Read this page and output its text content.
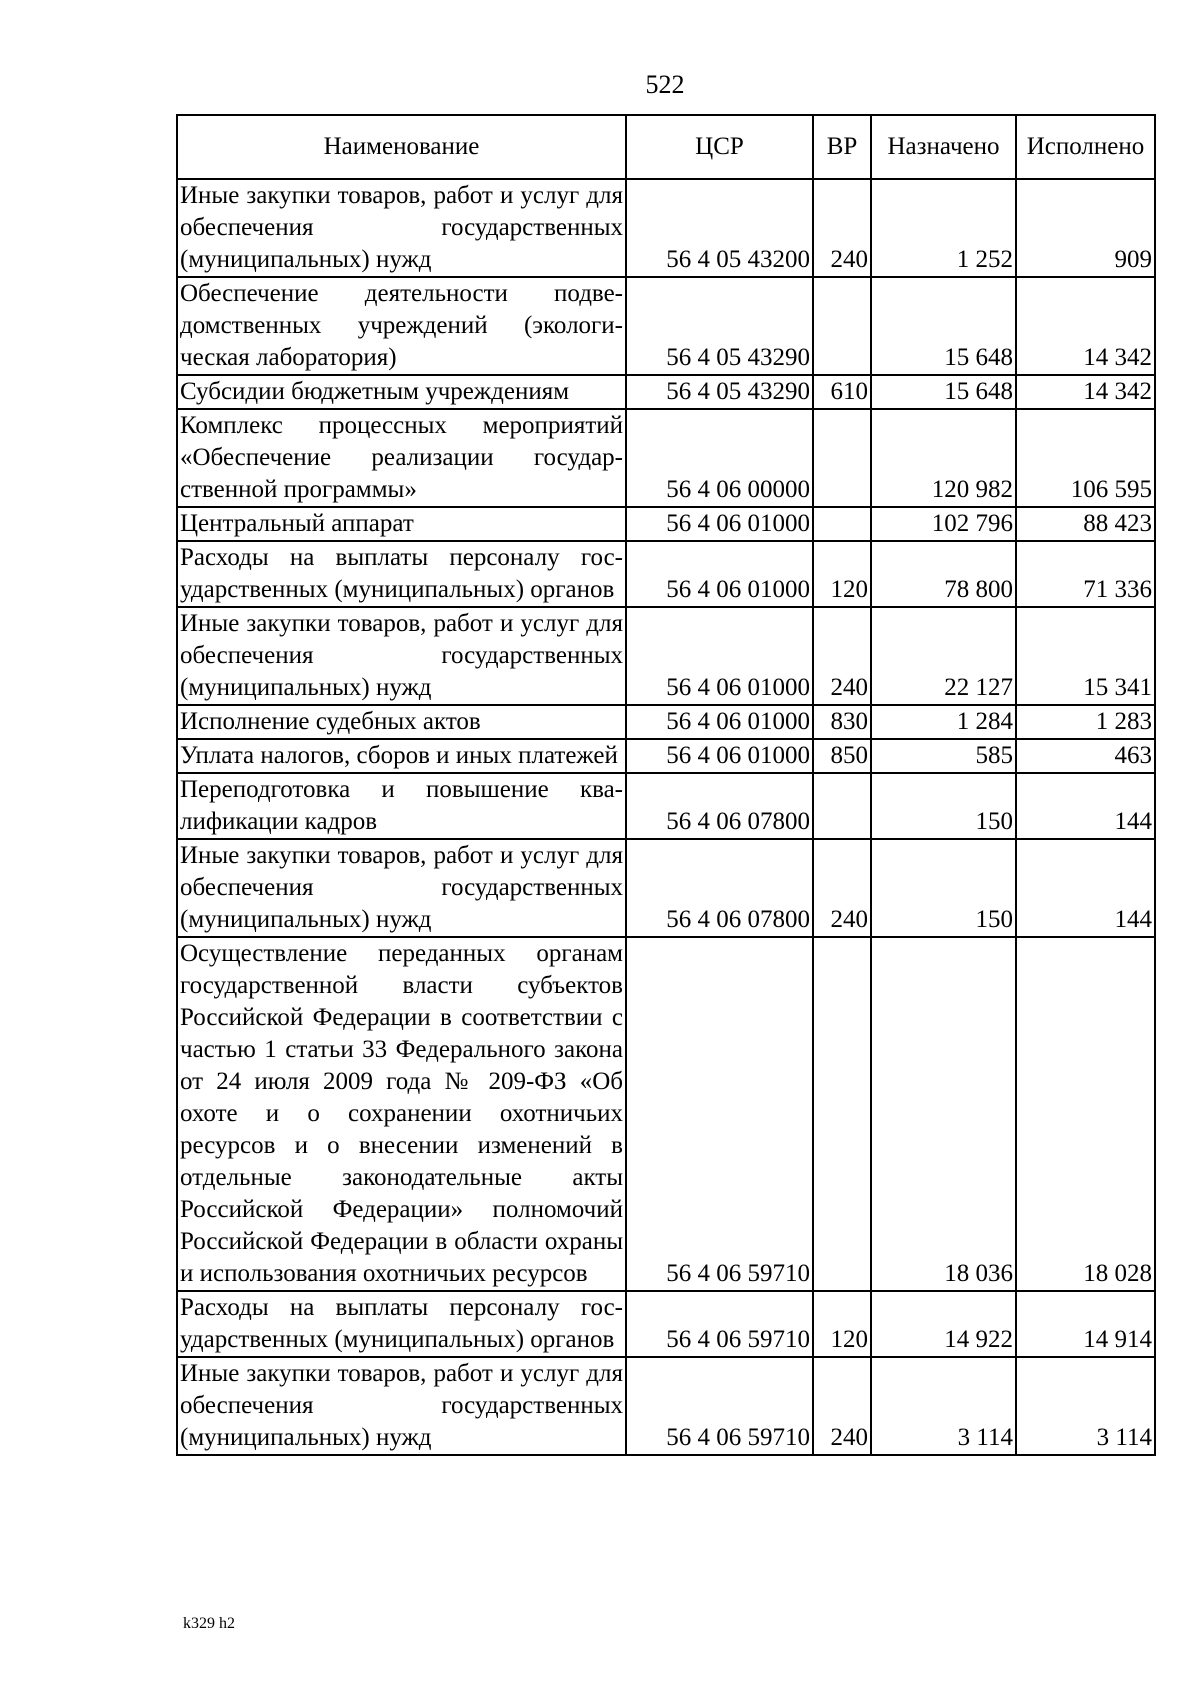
522
Наименование	ЦСР	ВР	Назначено	Исполнено
Иные закупки товаров, работ и услуг для обеспечения государственных (муниципальных) нужд	56 4 05 43200	240	1 252	909
Обеспечение деятельности подведомственных учреждений (экологическая лаборатория)	56 4 05 43290		15 648	14 342
Субсидии бюджетным учреждениям	56 4 05 43290	610	15 648	14 342
Комплекс процессных мероприятий «Обеспечение реализации государственной программы»	56 4 06 00000		120 982	106 595
Центральный аппарат	56 4 06 01000		102 796	88 423
Расходы на выплаты персоналу государственных (муниципальных) органов	56 4 06 01000	120	78 800	71 336
Иные закупки товаров, работ и услуг для обеспечения государственных (муниципальных) нужд	56 4 06 01000	240	22 127	15 341
Исполнение судебных актов	56 4 06 01000	830	1 284	1 283
Уплата налогов, сборов и иных платежей	56 4 06 01000	850	585	463
Переподготовка и повышение квалификации кадров	56 4 06 07800		150	144
Иные закупки товаров, работ и услуг для обеспечения государственных (муниципальных) нужд	56 4 06 07800	240	150	144
Осуществление переданных органам государственной власти субъектов Российской Федерации в соответствии с частью 1 статьи 33 Федерального закона от 24 июля 2009 года № 209-ФЗ «Об охоте и о сохранении охотничьих ресурсов и о внесении изменений в отдельные законодательные акты Российской Федерации» полномочий Российской Федерации в области охраны и использования охотничьих ресурсов	56 4 06 59710		18 036	18 028
Расходы на выплаты персоналу государственных (муниципальных) органов	56 4 06 59710	120	14 922	14 914
Иные закупки товаров, работ и услуг для обеспечения государственных (муниципальных) нужд	56 4 06 59710	240	3 114	3 114
k329 h2
